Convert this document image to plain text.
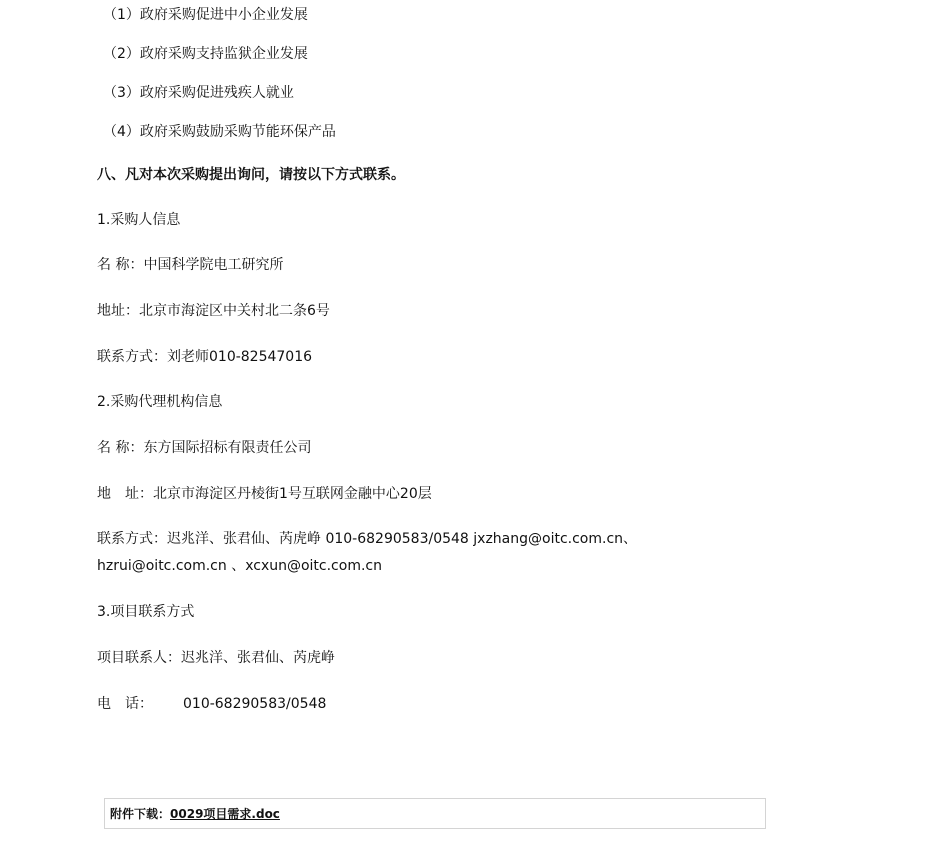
（1）政府采购促进中小企业发展
（2）政府采购支持监狱企业发展
（3）政府采购促进残疾人就业
（4）政府采购鼓励采购节能环保产品
八、凡对本次采购提出询问，请按以下方式联系。
1.采购人信息
名 称：中国科学院电工研究所
地址：北京市海淀区中关村北二条6号
联系方式：刘老师010-82547016
2.采购代理机构信息
名 称：东方国际招标有限责任公司
地　址：北京市海淀区丹棱街1号互联网金融中心20层
联系方式：迟兆洋、张君仙、芮虎峥 010-68290583/0548 jxzhang@oitc.com.cn、hzrui@oitc.com.cn 、xcxun@oitc.com.cn
3.项目联系方式
项目联系人：迟兆洋、张君仙、芮虎峥
电　话： 010-68290583/0548
附件下载： 0029项目需求.doc
